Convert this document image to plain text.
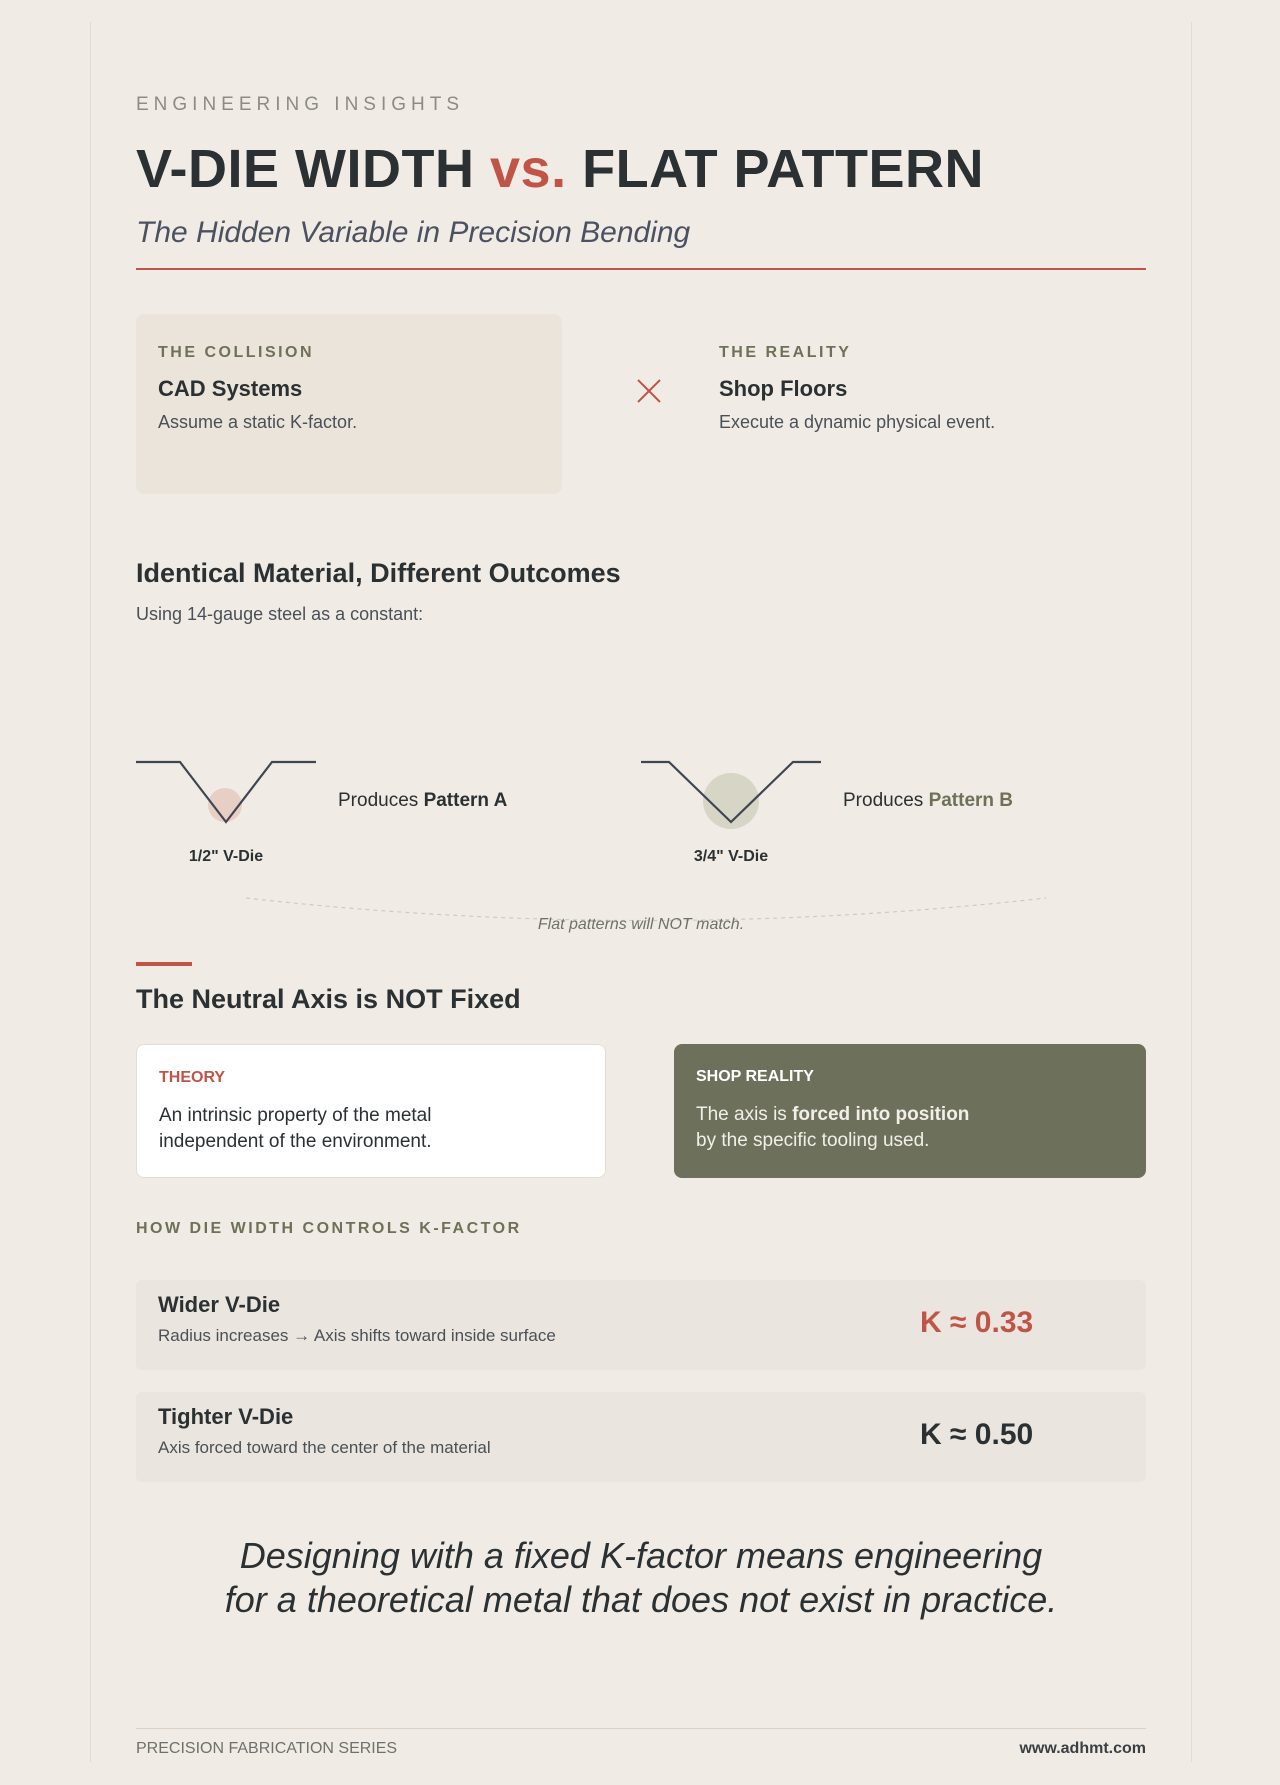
ENGINEERING INSIGHTS
V-DIE WIDTH vs. FLAT PATTERN
The Hidden Variable in Precision Bending
THE COLLISION
CAD Systems
Assume a static K-factor.
THE REALITY
Shop Floors
Execute a dynamic physical event.
Identical Material, Different Outcomes
Using 14-gauge steel as a constant:
1/2" V-Die
Produces Pattern A
3/4" V-Die
Produces Pattern B
Flat patterns will NOT match.
The Neutral Axis is NOT Fixed
THEORY
An intrinsic property of the metal
independent of the environment.
SHOP REALITY
The axis is forced into position
by the specific tooling used.
HOW DIE WIDTH CONTROLS K-FACTOR
Wider V-Die
Radius increases → Axis shifts toward inside surface	K ≈ 0.33
Tighter V-Die
Axis forced toward the center of the material	K ≈ 0.50
Designing with a fixed K-factor means engineering
for a theoretical metal that does not exist in practice.
PRECISION FABRICATION SERIES	www.adhmt.com
